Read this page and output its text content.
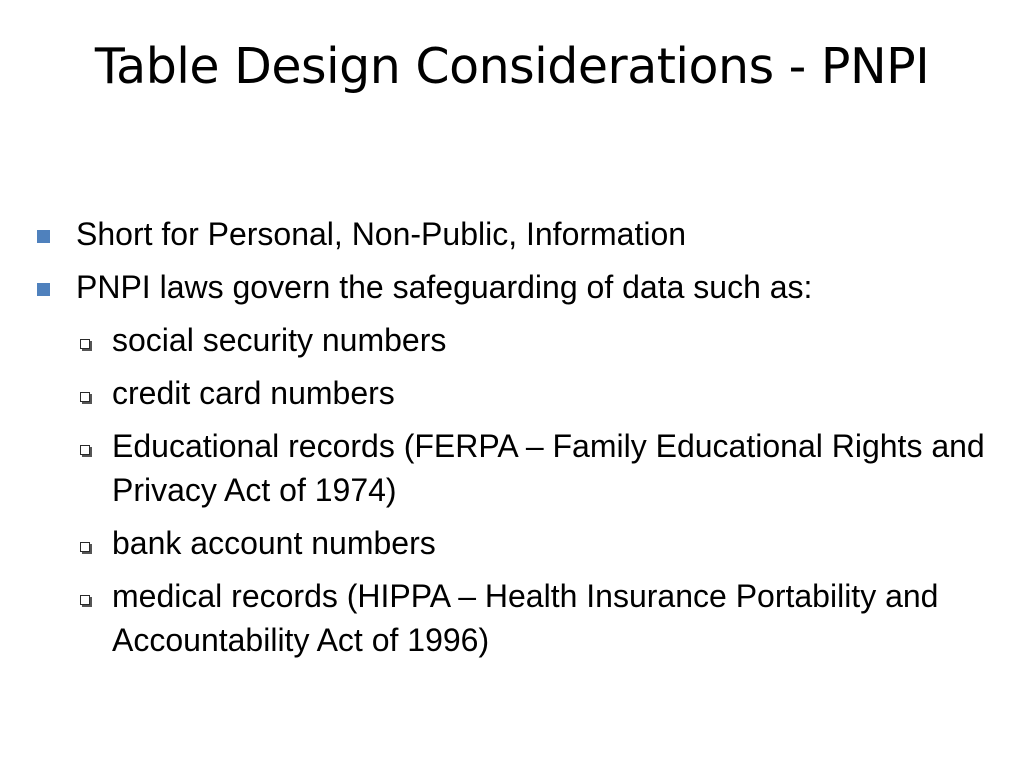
Table Design Considerations - PNPI
Short for Personal, Non-Public, Information
PNPI laws govern the safeguarding of data such as:
social security numbers
credit card numbers
Educational records (FERPA – Family Educational Rights and Privacy Act of 1974)
bank account numbers
medical records (HIPPA – Health Insurance Portability and Accountability Act of 1996)
